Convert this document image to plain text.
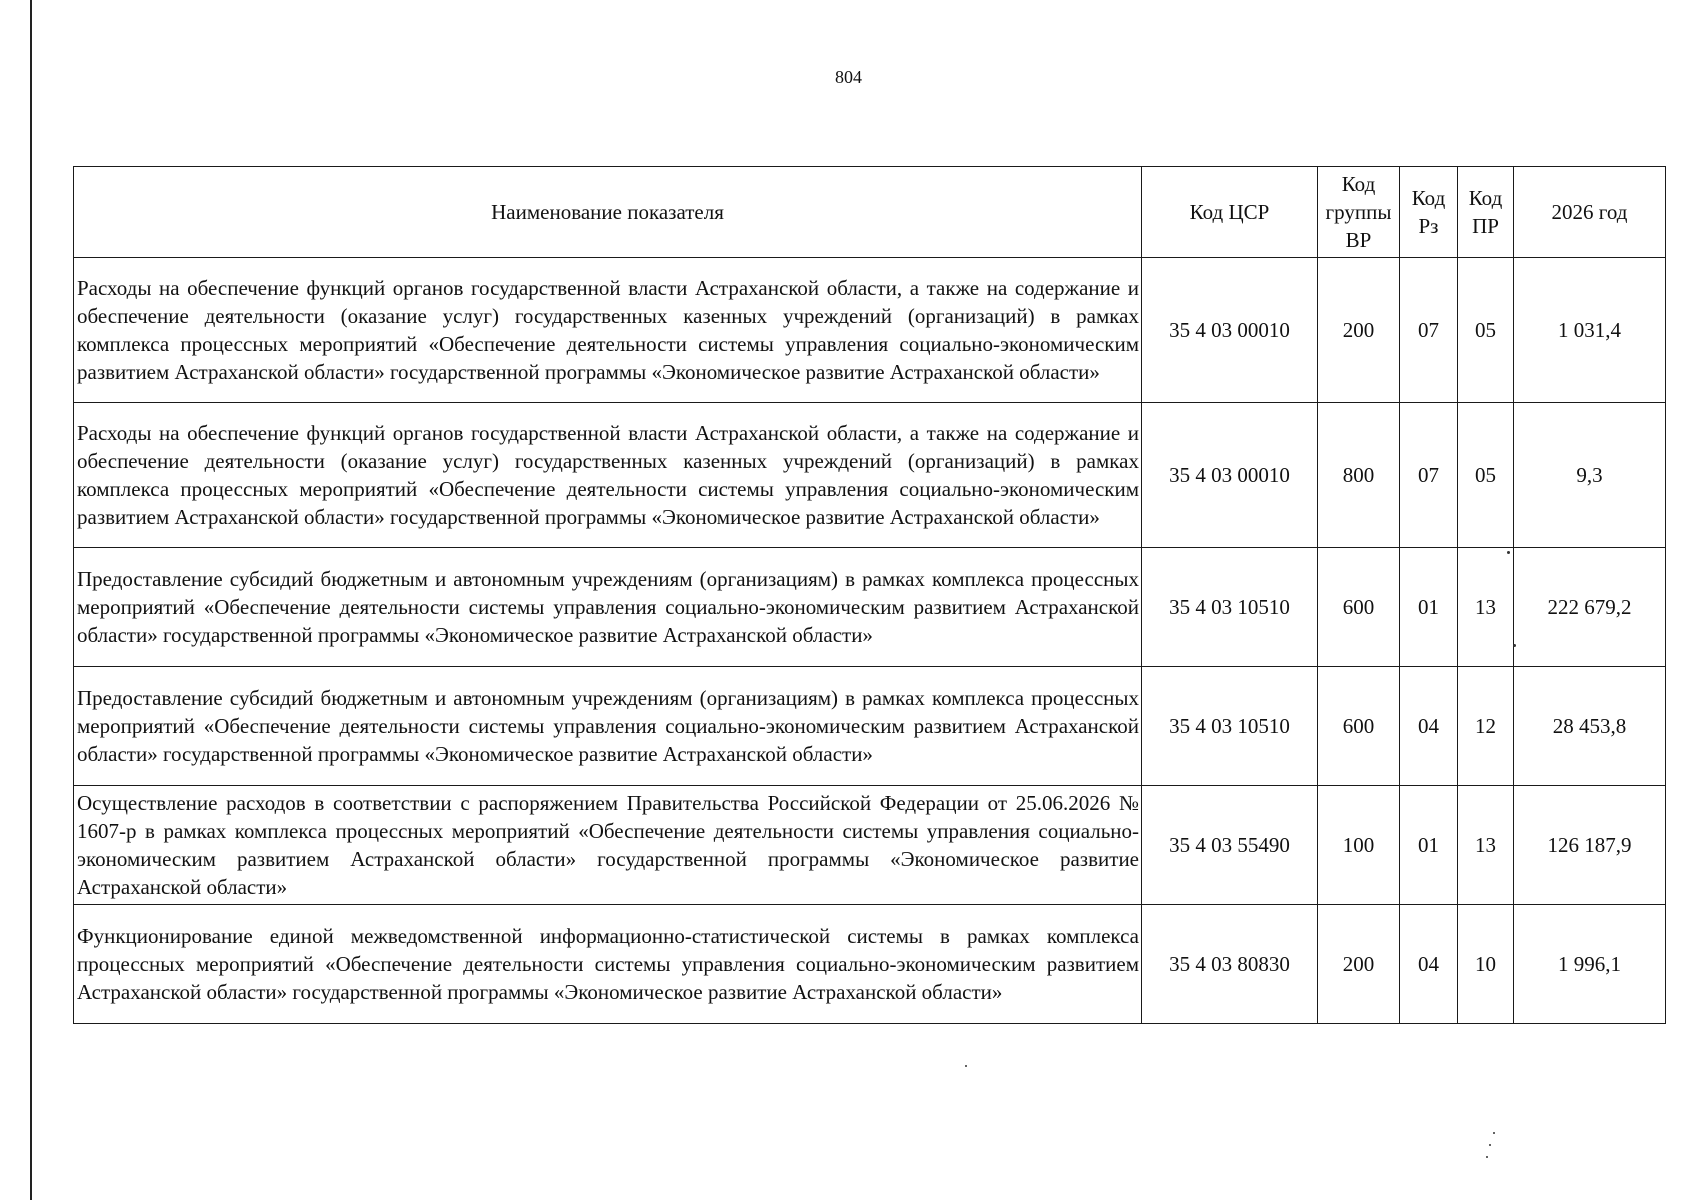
804
Наименование показателя	Код ЦСР	Код группы ВР	Код Рз	Код ПР	2026 год
Расходы на обеспечение функций органов государственной власти Астраханской области, а также на содержание и обеспечение деятельности (оказание услуг) государственных казенных учреждений (организаций) в рамках комплекса процессных мероприятий «Обеспечение деятельности системы управления социально-экономическим развитием Астраханской области» государственной программы «Экономическое развитие Астраханской области»	35 4 03 00010	200	07	05	1 031,4
Расходы на обеспечение функций органов государственной власти Астраханской области, а также на содержание и обеспечение деятельности (оказание услуг) государственных казенных учреждений (организаций) в рамках комплекса процессных мероприятий «Обеспечение деятельности системы управления социально-экономическим развитием Астраханской области» государственной программы «Экономическое развитие Астраханской области»	35 4 03 00010	800	07	05	9,3
Предоставление субсидий бюджетным и автономным учреждениям (организациям) в рамках комплекса процессных мероприятий «Обеспечение деятельности системы управления социально-экономическим развитием Астраханской области» государственной программы «Экономическое развитие Астраханской области»	35 4 03 10510	600	01	13	222 679,2
Предоставление субсидий бюджетным и автономным учреждениям (организациям) в рамках комплекса процессных мероприятий «Обеспечение деятельности системы управления социально-экономическим развитием Астраханской области» государственной программы «Экономическое развитие Астраханской области»	35 4 03 10510	600	04	12	28 453,8
Осуществление расходов в соответствии с распоряжением Правительства Российской Федерации от 25.06.2026 № 1607-р в рамках комплекса процессных мероприятий «Обеспечение деятельности системы управления социально-экономическим развитием Астраханской области» государственной программы «Экономическое развитие Астраханской области»	35 4 03 55490	100	01	13	126 187,9
Функционирование единой межведомственной информационно-статистической системы в рамках комплекса процессных мероприятий «Обеспечение деятельности системы управления социально-экономическим развитием Астраханской области» государственной программы «Экономическое развитие Астраханской области»	35 4 03 80830	200	04	10	1 996,1
